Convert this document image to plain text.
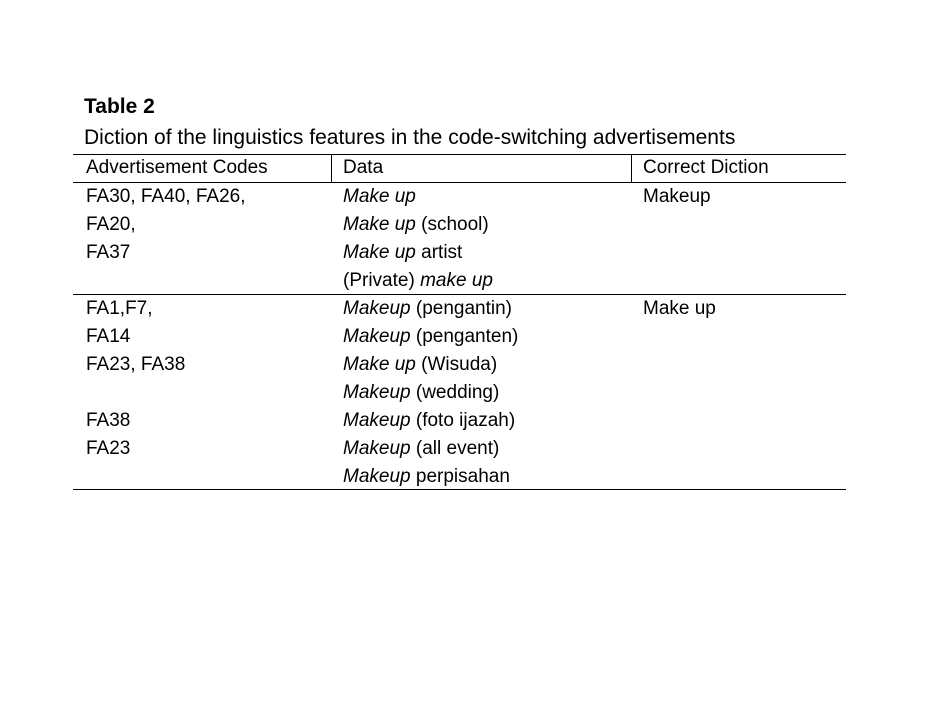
Table 2
Diction of the linguistics features in the code-switching advertisements
Advertisement Codes	Data	Correct Diction
FA30, FA40, FA26,
FA20,
FA37
Make up
Make up (school)
Make up artist
(Private) make up
Makeup
FA1,F7,
FA14
FA23, FA38
FA38
FA23
Makeup (pengantin)
Makeup (penganten)
Make up (Wisuda)
Makeup (wedding)
Makeup (foto ijazah)
Makeup (all event)
Makeup perpisahan
Make up
